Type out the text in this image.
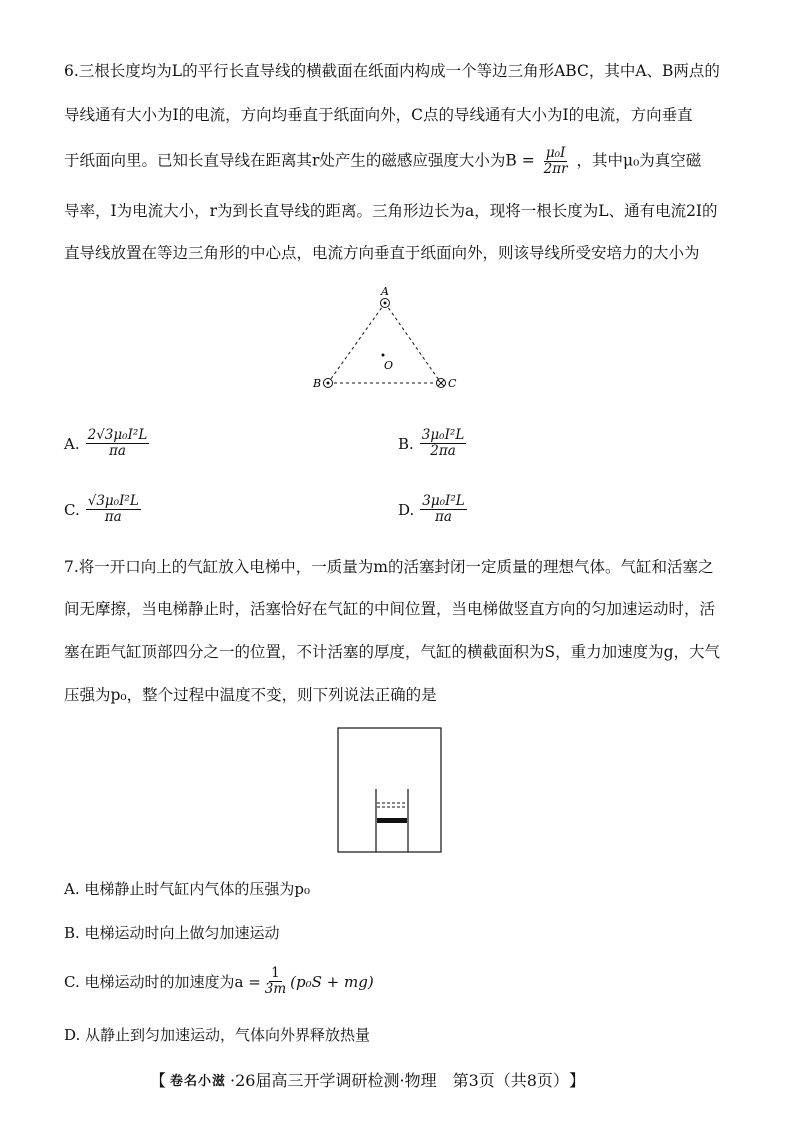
6.三根长度均为L的平行长直导线的横截面在纸面内构成一个等边三角形ABC，其中A、B两点的
导线通有大小为I的电流，方向均垂直于纸面向外，C点的导线通有大小为I的电流，方向垂直
于纸面向里。已知长直导线在距离其r处产生的磁感应强度大小为$B = \frac{\text{μ₀I}}{2\pi r}$ ，其中μ₀为真空磁
导率，I为电流大小，r为到长直导线的距离。三角形边长为a，现将一根长度为L、通有电流2I的
直导线放置在等边三角形的中心点，电流方向垂直于纸面向外，则该导线所受安培力的大小为
A
B	C
O
A. $\frac{\text{2√3μ₀I²L}}{\pi a}$	B. $\frac{\text{3μ₀I²L}}{2\pi a}$
C. $\frac{\text{√3μ₀I²L}}{\pi a}$	D. $\frac{\text{3μ₀I²L}}{\pi a}$
7.将一开口向上的气缸放入电梯中，一质量为m的活塞封闭一定质量的理想气体。气缸和活塞之
间无摩擦，当电梯静止时，活塞恰好在气缸的中间位置，当电梯做竖直方向的匀加速运动时，活
塞在距气缸顶部四分之一的位置，不计活塞的厚度，气缸的横截面积为S，重力加速度为g，大气
压强为p₀，整个过程中温度不变，则下列说法正确的是
A. 电梯静止时气缸内气体的压强为p₀
B. 电梯运动时向上做匀加速运动
C. 电梯运动时的加速度为$a = \frac{1}{3m} (p_0S + mg)$
D. 从静止到匀加速运动，气体向外界释放热量
【 卷名小滋 ·26届高三开学调研检测·物理　第3页（共8页） 】
